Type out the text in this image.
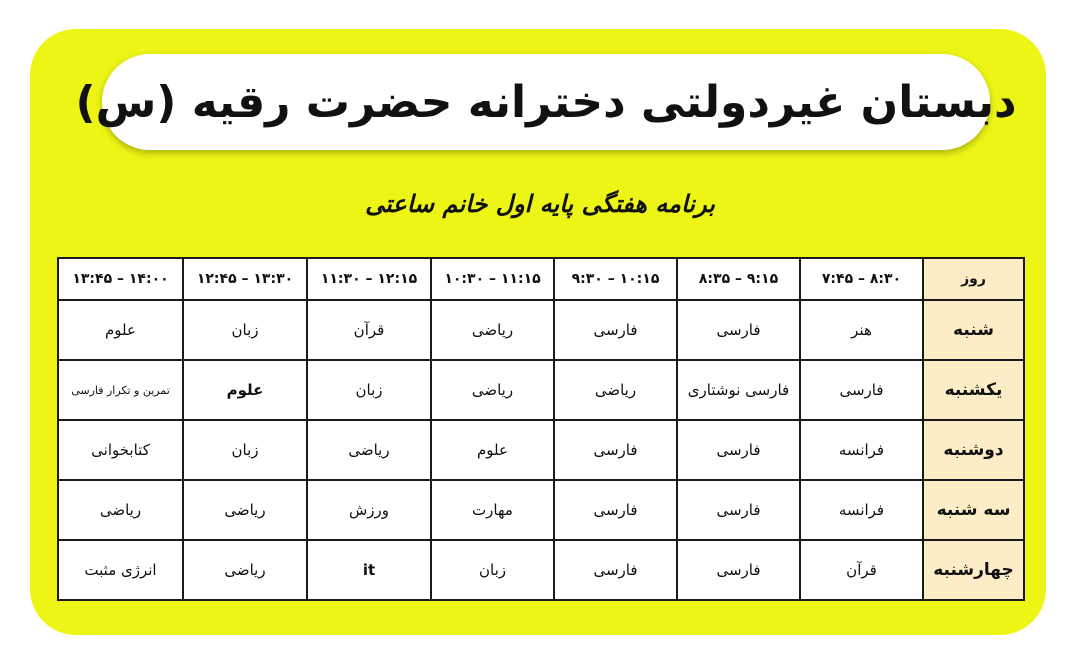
دبستان غیردولتی دخترانه حضرت رقیه (س)
برنامه هفتگی پایه اول خانم ساعتی
روز	۸:۳۰ – ۷:۴۵	۹:۱۵ – ۸:۳۵	۱۰:۱۵ – ۹:۳۰	۱۱:۱۵ – ۱۰:۳۰	۱۲:۱۵ – ۱۱:۳۰	۱۳:۳۰ – ۱۲:۴۵	۱۴:۰۰ – ۱۳:۴۵
شنبه	هنر	فارسی	فارسی	ریاضی	قرآن	زبان	علوم
یکشنبه	فارسی	فارسی نوشتاری	ریاضی	ریاضی	زبان	علوم	تمرین و تکرار فارسی
دوشنبه	فرانسه	فارسی	فارسی	علوم	ریاضی	زبان	کتابخوانی
سه شنبه	فرانسه	فارسی	فارسی	مهارت	ورزش	ریاضی	ریاضی
چهارشنبه	قرآن	فارسی	فارسی	زبان	it	ریاضی	انرژی مثبت
